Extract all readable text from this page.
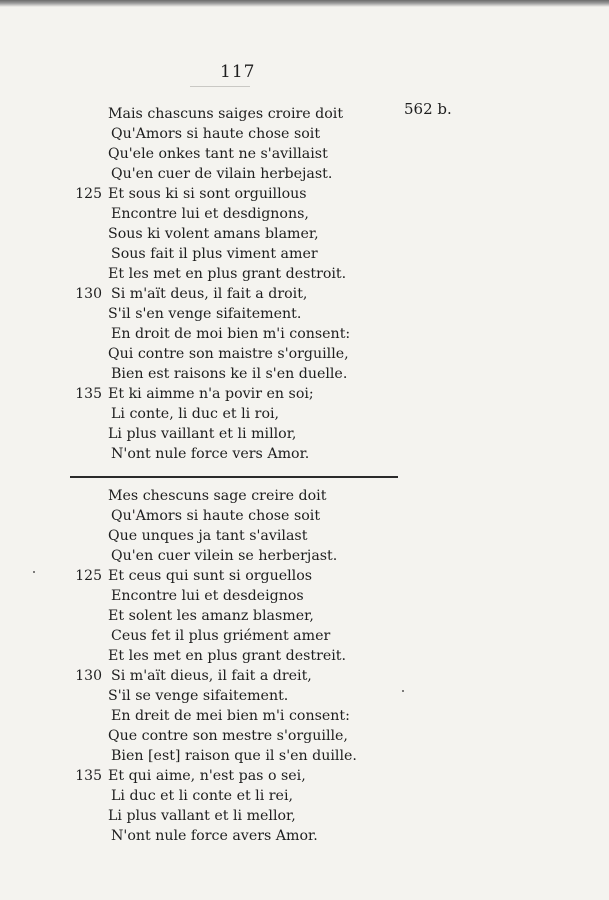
117
562 b.
Mais chascuns saiges croire doit
Qu'Amors si haute chose soit
Qu'ele onkes tant ne s'avillaist
Qu'en cuer de vilain herbejast.
125 Et sous ki si sont orguillous
Encontre lui et desdignons,
Sous ki volent amans blamer,
Sous fait il plus viment amer
Et les met en plus grant destroit.
130 Si m'aït deus, il fait a droit,
S'il s'en venge sifaitement.
En droit de moi bien m'i consent:
Qui contre son maistre s'orguille,
Bien est raisons ke il s'en duelle.
135 Et ki aimme n'a povir en soi;
Li conte, li duc et li roi,
Li plus vaillant et li millor,
N'ont nule force vers Amor.
Mes chescuns sage creire doit
Qu'Amors si haute chose soit
Que unques ja tant s'avilast
Qu'en cuer vilein se herberjast.
125 Et ceus qui sunt si orguellos
Encontre lui et desdeignos
Et solent les amanz blasmer,
Ceus fet il plus griément amer
Et les met en plus grant destreit.
130 Si m'aït dieus, il fait a dreit,
S'il se venge sifaitement.
En dreit de mei bien m'i consent:
Que contre son mestre s'orguille,
Bien [est] raison que il s'en duille.
135 Et qui aime, n'est pas o sei,
Li duc et li conte et li rei,
Li plus vallant et li mellor,
N'ont nule force avers Amor.
